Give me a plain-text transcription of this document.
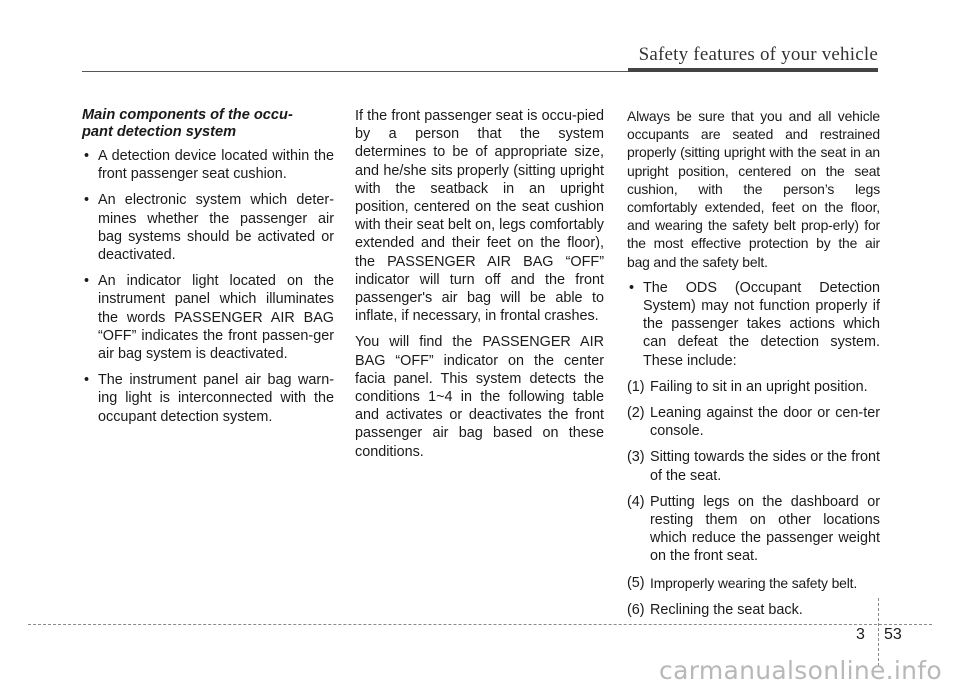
Safety features of your vehicle
Main components of the occu-
pant detection system
• A detection device located within the front passenger seat cushion.
• An electronic system which deter-mines whether the passenger air bag systems should be activated or deactivated.
• An indicator light located on the instrument panel which illuminates the words PASSENGER AIR BAG “OFF” indicates the front passen-ger air bag system is deactivated.
• The instrument panel air bag warn-ing light is interconnected with the occupant detection system.

If the front passenger seat is occu-pied by a person that the system determines to be of appropriate size, and he/she sits properly (sitting upright with the seatback in an upright position, centered on the seat cushion with their seat belt on, legs comfortably extended and their feet on the floor), the PASSENGER AIR BAG “OFF” indicator will turn off and the front passenger's air bag will be able to inflate, if necessary, in frontal crashes.

You will find the PASSENGER AIR BAG “OFF” indicator on the center facia panel. This system detects the conditions 1~4 in the following table and activates or deactivates the front passenger air bag based on these conditions.

Always be sure that you and all vehicle occupants are seated and restrained properly (sitting upright with the seat in an upright position, centered on the seat cushion, with the person’s legs comfortably extended, feet on the floor, and wearing the safety belt prop-erly) for the most effective protection by the air bag and the safety belt.

• The ODS (Occupant Detection System) may not function properly if the passenger takes actions which can defeat the detection system. These include:
(1) Failing to sit in an upright position.
(2) Leaning against the door or cen-ter console.
(3) Sitting towards the sides or the front of the seat.
(4) Putting legs on the dashboard or resting them on other locations which reduce the passenger weight on the front seat.
(5) Improperly wearing the safety belt.
(6) Reclining the seat back.
3 53
carmanualsonline.info
